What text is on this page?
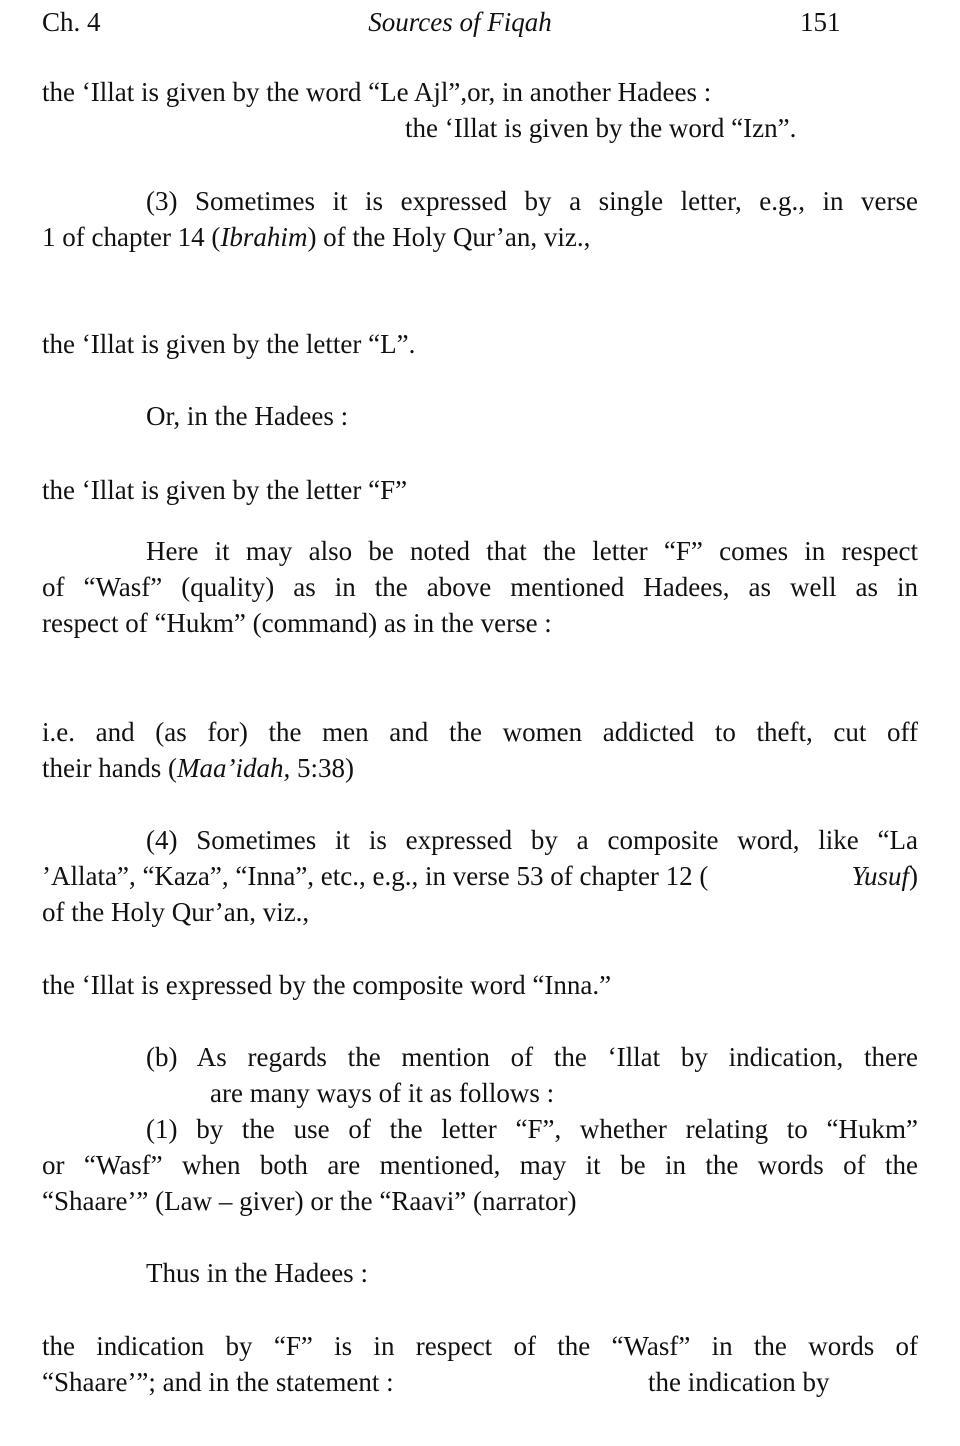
Ch. 4	Sources of Fiqah	151
the ‘Illat is given by the word “Le Ajl”,or, in another Hadees :
the ‘Illat is given by the word “Izn”.
(3) Sometimes it is expressed by a single letter, e.g., in verse
1 of chapter 14 (Ibrahim) of the Holy Qur’an, viz.,
the ‘Illat is given by the letter “L”.
Or, in the Hadees :
the ‘Illat is given by the letter “F”
Here it may also be noted that the letter “F” comes in respect
of “Wasf” (quality) as in the above mentioned Hadees, as well as in
respect of “Hukm” (command) as in the verse :
i.e. and (as for) the men and the women addicted to theft, cut off
their hands (Maa’idah, 5:38)
(4) Sometimes it is expressed by a composite word, like “La
’Allata”, “Kaza”, “Inna”, etc., e.g., in verse 53 of chapter 12 (	Yusuf)
of the Holy Qur’an, viz.,
the ‘Illat is expressed by the composite word “Inna.”
(b) As regards the mention of the ‘Illat by indication, there
are many ways of it as follows :
(1) by the use of the letter “F”, whether relating to “Hukm”
or “Wasf” when both are mentioned, may it be in the words of the
“Shaare’” (Law – giver) or the “Raavi” (narrator)
Thus in the Hadees :
the indication by “F” is in respect of the “Wasf” in the words of
“Shaare’”; and in the statement :	the indication by
